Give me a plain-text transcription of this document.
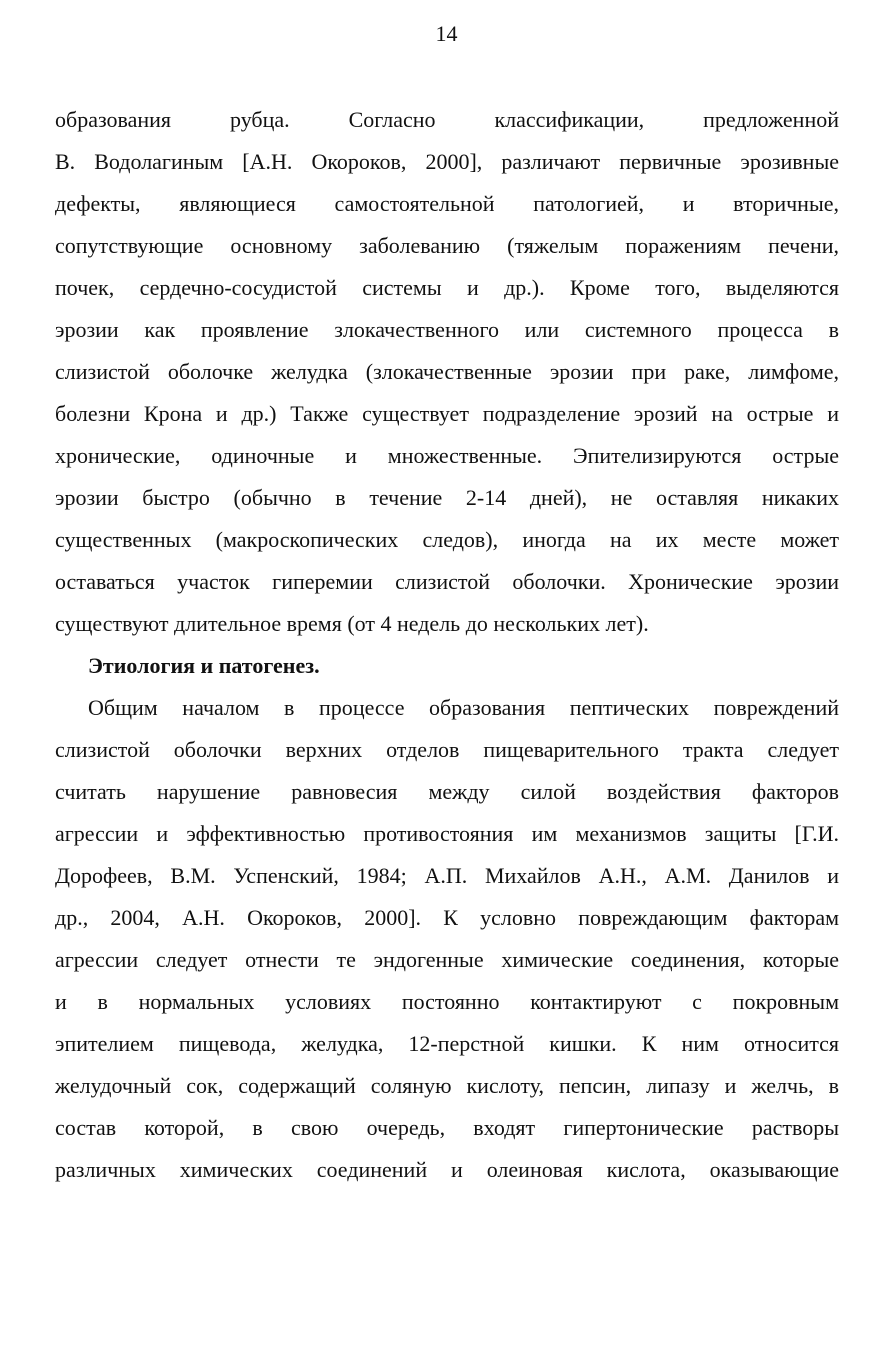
14
образования рубца. Согласно классификации, предложенной
В. Водолагиным [А.Н. Окороков, 2000], различают первичные эрозивные
дефекты, являющиеся самостоятельной патологией, и вторичные,
сопутствующие основному заболеванию (тяжелым поражениям печени,
почек, сердечно-сосудистой системы и др.). Кроме того, выделяются
эрозии как проявление злокачественного или системного процесса в
слизистой оболочке желудка (злокачественные эрозии при раке, лимфоме,
болезни Крона и др.) Также существует подразделение эрозий на острые и
хронические, одиночные и множественные. Эпителизируются острые
эрозии быстро (обычно в течение 2-14 дней), не оставляя никаких
существенных (макроскопических следов), иногда на их месте может
оставаться участок гиперемии слизистой оболочки. Хронические эрозии
существуют длительное время (от 4 недель до нескольких лет).
Этиология и патогенез.
Общим началом в процессе образования пептических повреждений
слизистой оболочки верхних отделов пищеварительного тракта следует
считать нарушение равновесия между силой воздействия факторов
агрессии и эффективностью противостояния им механизмов защиты [Г.И.
Дорофеев, В.М. Успенский, 1984; А.П. Михайлов А.Н., А.М. Данилов и
др., 2004, А.Н. Окороков, 2000]. К условно повреждающим факторам
агрессии следует отнести те эндогенные химические соединения, которые
и в нормальных условиях постоянно контактируют с покровным
эпителием пищевода, желудка, 12-перстной кишки. К ним относится
желудочный сок, содержащий соляную кислоту, пепсин, липазу и желчь, в
состав которой, в свою очередь, входят гипертонические растворы
различных химических соединений и олеиновая кислота, оказывающие
